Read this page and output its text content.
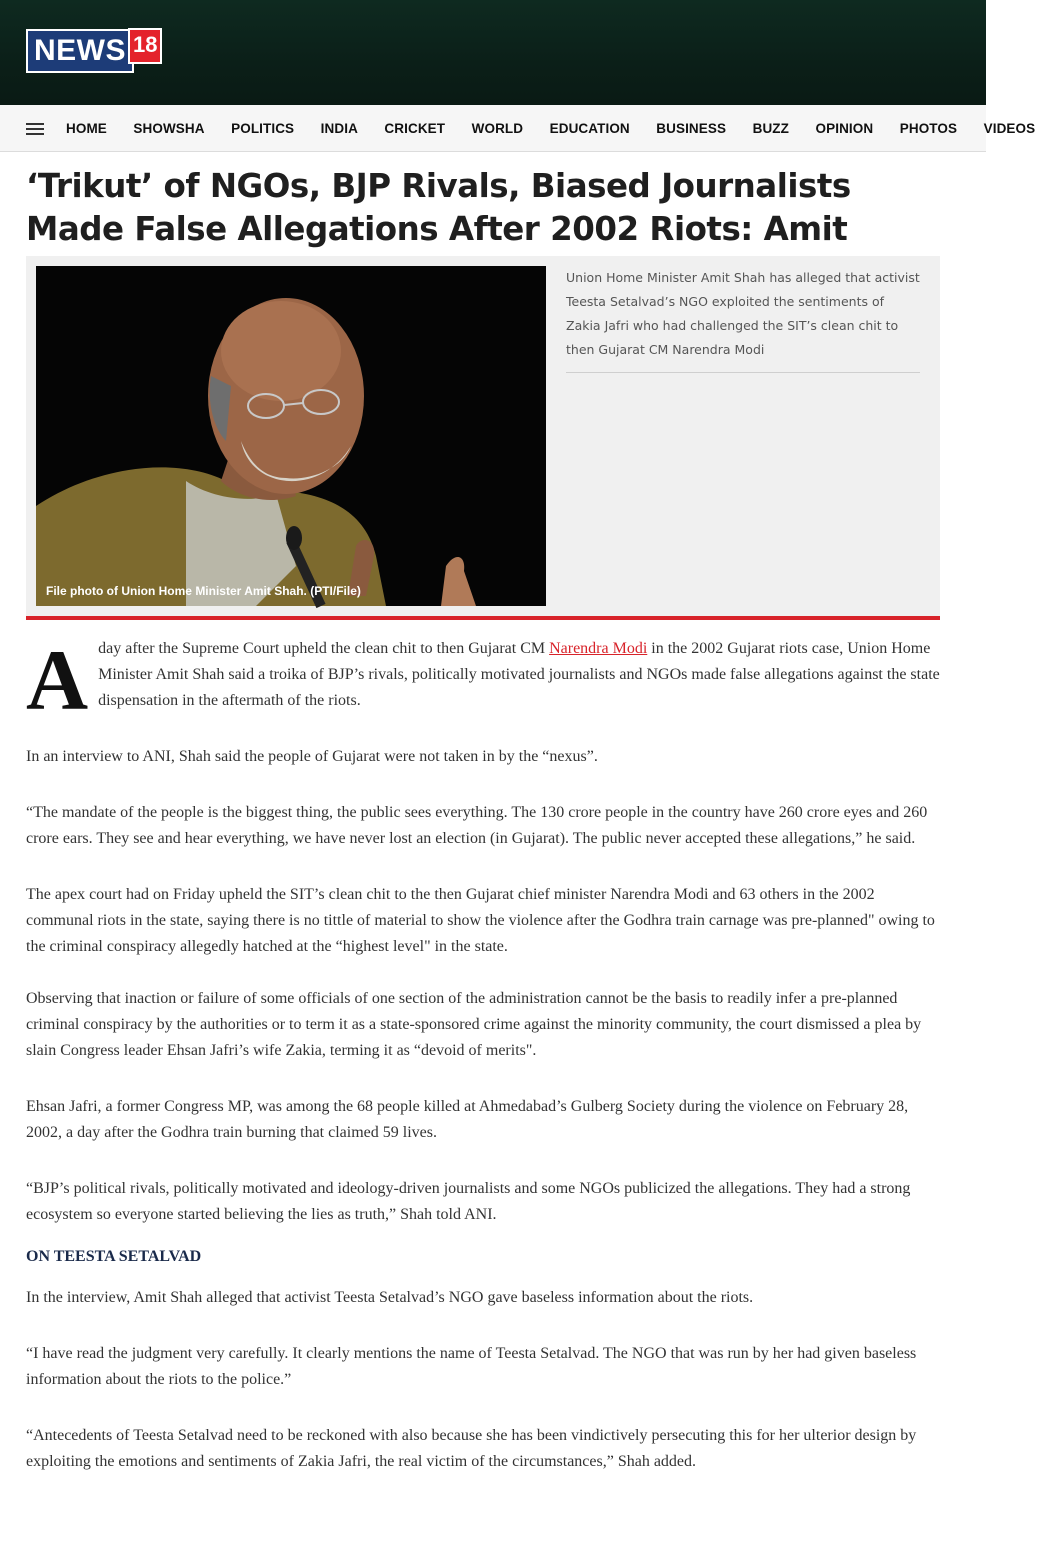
NEWS 18
HOME SHOWSHA POLITICS INDIA CRICKET WORLD EDUCATION BUSINESS BUZZ OPINION PHOTOS VIDEOS
‘Trikut’ of NGOs, BJP Rivals, Biased Journalists Made False Allegations After 2002 Riots: Amit
File photo of Union Home Minister Amit Shah. (PTI/File)
Union Home Minister Amit Shah has alleged that activist Teesta Setalvad’s NGO exploited the sentiments of Zakia Jafri who had challenged the SIT’s clean chit to then Gujarat CM Narendra Modi

A day after the Supreme Court upheld the clean chit to then Gujarat CM Narendra Modi in the 2002 Gujarat riots case, Union Home Minister Amit Shah said a troika of BJP’s rivals, politically motivated journalists and NGOs made false allegations against the state dispensation in the aftermath of the riots.

In an interview to ANI, Shah said the people of Gujarat were not taken in by the “nexus”.

“The mandate of the people is the biggest thing, the public sees everything. The 130 crore people in the country have 260 crore eyes and 260 crore ears. They see and hear everything, we have never lost an election (in Gujarat). The public never accepted these allegations,” he said.

The apex court had on Friday upheld the SIT’s clean chit to the then Gujarat chief minister Narendra Modi and 63 others in the 2002 communal riots in the state, saying there is no tittle of material to show the violence after the Godhra train carnage was pre-planned" owing to the criminal conspiracy allegedly hatched at the “highest level" in the state.

Observing that inaction or failure of some officials of one section of the administration cannot be the basis to readily infer a pre-planned criminal conspiracy by the authorities or to term it as a state-sponsored crime against the minority community, the court dismissed a plea by slain Congress leader Ehsan Jafri’s wife Zakia, terming it as “devoid of merits".

Ehsan Jafri, a former Congress MP, was among the 68 people killed at Ahmedabad’s Gulberg Society during the violence on February 28, 2002, a day after the Godhra train burning that claimed 59 lives.

“BJP’s political rivals, politically motivated and ideology-driven journalists and some NGOs publicized the allegations. They had a strong ecosystem so everyone started believing the lies as truth,” Shah told ANI.

ON TEESTA SETALVAD

In the interview, Amit Shah alleged that activist Teesta Setalvad’s NGO gave baseless information about the riots.

“I have read the judgment very carefully. It clearly mentions the name of Teesta Setalvad. The NGO that was run by her had given baseless information about the riots to the police.”

“Antecedents of Teesta Setalvad need to be reckoned with also because she has been vindictively persecuting this for her ulterior design by exploiting the emotions and sentiments of Zakia Jafri, the real victim of the circumstances,” Shah added.
